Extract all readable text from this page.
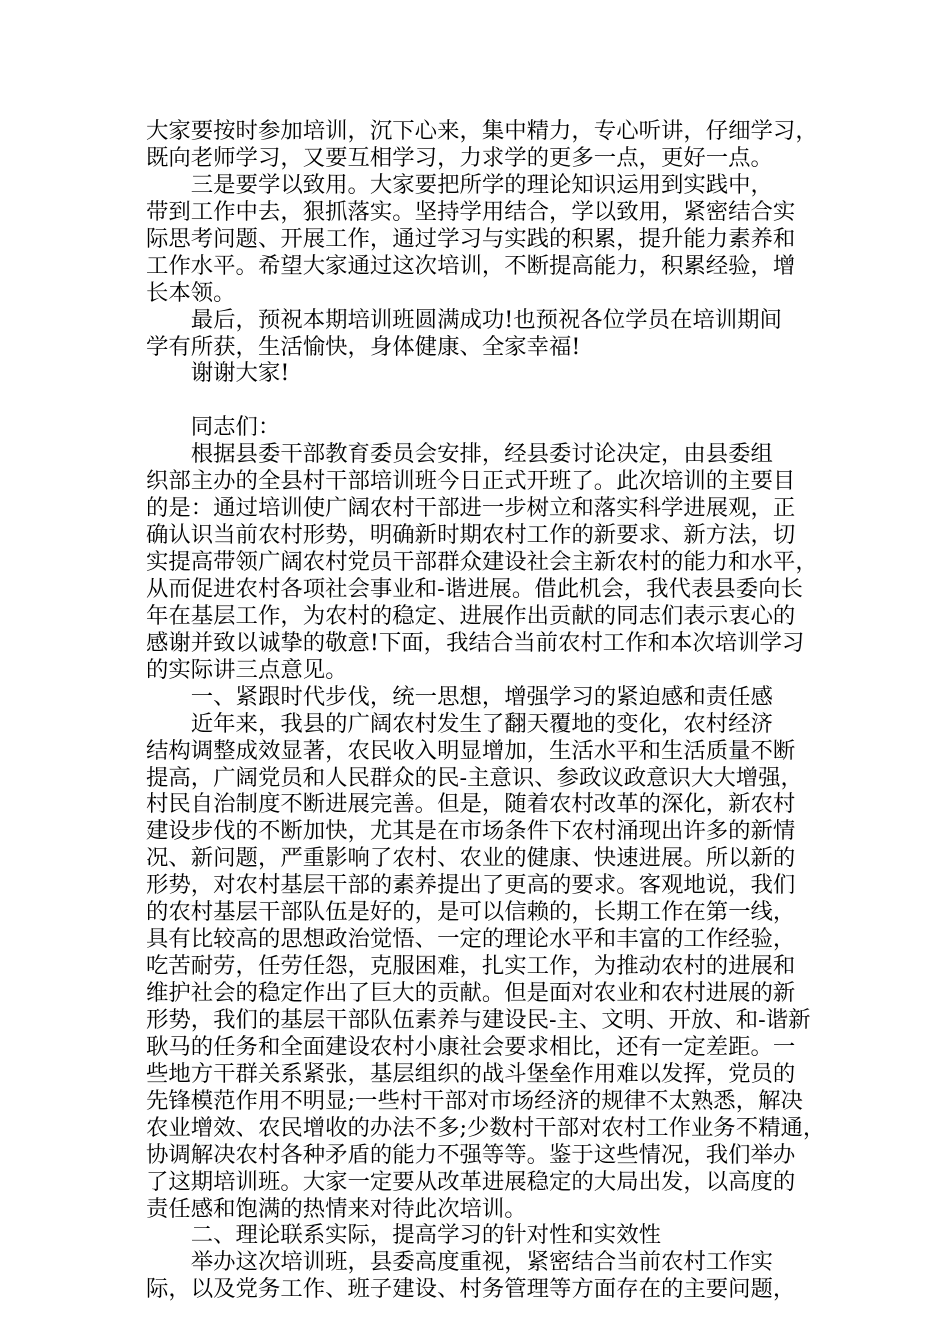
大家要按时参加培训，沉下心来，集中精力，专心听讲，仔细学习，
既向老师学习，又要互相学习，力求学的更多一点，更好一点。
　　三是要学以致用。大家要把所学的理论知识运用到实践中，
带到工作中去，狠抓落实。坚持学用结合，学以致用，紧密结合实
际思考问题、开展工作，通过学习与实践的积累，提升能力素养和
工作水平。希望大家通过这次培训，不断提高能力，积累经验，增
长本领。
　　最后，预祝本期培训班圆满成功!也预祝各位学员在培训期间
学有所获，生活愉快，身体健康、全家幸福!
　　谢谢大家!
　　同志们：
　　根据县委干部教育委员会安排，经县委讨论决定，由县委组
织部主办的全县村干部培训班今日正式开班了。此次培训的主要目
的是：通过培训使广阔农村干部进一步树立和落实科学进展观，正
确认识当前农村形势，明确新时期农村工作的新要求、新方法，切
实提高带领广阔农村党员干部群众建设社会主新农村的能力和水平，
从而促进农村各项社会事业和-谐进展。借此机会，我代表县委向长
年在基层工作，为农村的稳定、进展作出贡献的同志们表示衷心的
感谢并致以诚挚的敬意!下面，我结合当前农村工作和本次培训学习
的实际讲三点意见。
　　一、紧跟时代步伐，统一思想，增强学习的紧迫感和责任感
　　近年来，我县的广阔农村发生了翻天覆地的变化，农村经济
结构调整成效显著，农民收入明显增加，生活水平和生活质量不断
提高，广阔党员和人民群众的民-主意识、参政议政意识大大增强，
村民自治制度不断进展完善。但是，随着农村改革的深化，新农村
建设步伐的不断加快，尤其是在市场条件下农村涌现出许多的新情
况、新问题，严重影响了农村、农业的健康、快速进展。所以新的
形势，对农村基层干部的素养提出了更高的要求。客观地说，我们
的农村基层干部队伍是好的，是可以信赖的，长期工作在第一线，
具有比较高的思想政治觉悟、一定的理论水平和丰富的工作经验，
吃苦耐劳，任劳任怨，克服困难，扎实工作，为推动农村的进展和
维护社会的稳定作出了巨大的贡献。但是面对农业和农村进展的新
形势，我们的基层干部队伍素养与建设民-主、文明、开放、和-谐新
耿马的任务和全面建设农村小康社会要求相比，还有一定差距。一
些地方干群关系紧张，基层组织的战斗堡垒作用难以发挥，党员的
先锋模范作用不明显;一些村干部对市场经济的规律不太熟悉，解决
农业增效、农民增收的办法不多;少数村干部对农村工作业务不精通，
协调解决农村各种矛盾的能力不强等等。鉴于这些情况，我们举办
了这期培训班。大家一定要从改革进展稳定的大局出发，以高度的
责任感和饱满的热情来对待此次培训。
　　二、理论联系实际，提高学习的针对性和实效性
　　举办这次培训班，县委高度重视，紧密结合当前农村工作实
际，以及党务工作、班子建设、村务管理等方面存在的主要问题，
